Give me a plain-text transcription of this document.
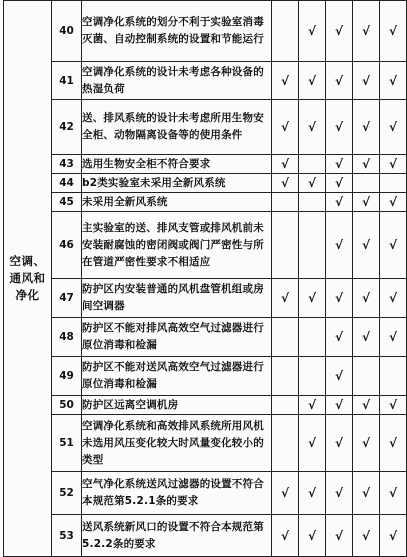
空调、
通风和
净化	40	空调净化系统的划分不利于实验室消毒灭菌、自动控制系统的设置和节能运行		√	√	√	√
	41	空调净化系统的设计未考虑各种设备的热湿负荷	√	√	√	√	√
	42	送、排风系统的设计未考虑所用生物安全柜、动物隔离设备等的使用条件	√	√	√	√	√
	43	选用生物安全柜不符合要求	√		√	√	√
	44	b2类实验室未采用全新风系统	√	√	√		
	45	未采用全新风系统			√	√	√
	46	主实验室的送、排风支管或排风机前未安装耐腐蚀的密闭阀或阀门严密性与所在管道严密性要求不相适应			√	√	√
	47	防护区内安装普通的风机盘管机组或房间空调器	√	√	√	√	√
	48	防护区不能对排风高效空气过滤器进行原位消毒和检漏			√	√	√
	49	防护区不能对送风高效空气过滤器进行原位消毒和检漏			√		
	50	防护区远离空调机房		√	√	√	√
	51	空调净化系统和高效排风系统所用风机未选用风压变化较大时风量变化较小的类型		√	√	√	√
	52	空气净化系统送风过滤器的设置不符合本规范第5.2.1条的要求	√	√	√	√	√
	53	送风系统新风口的设置不符合本规范第5.2.2条的要求	√	√	√	√	√
